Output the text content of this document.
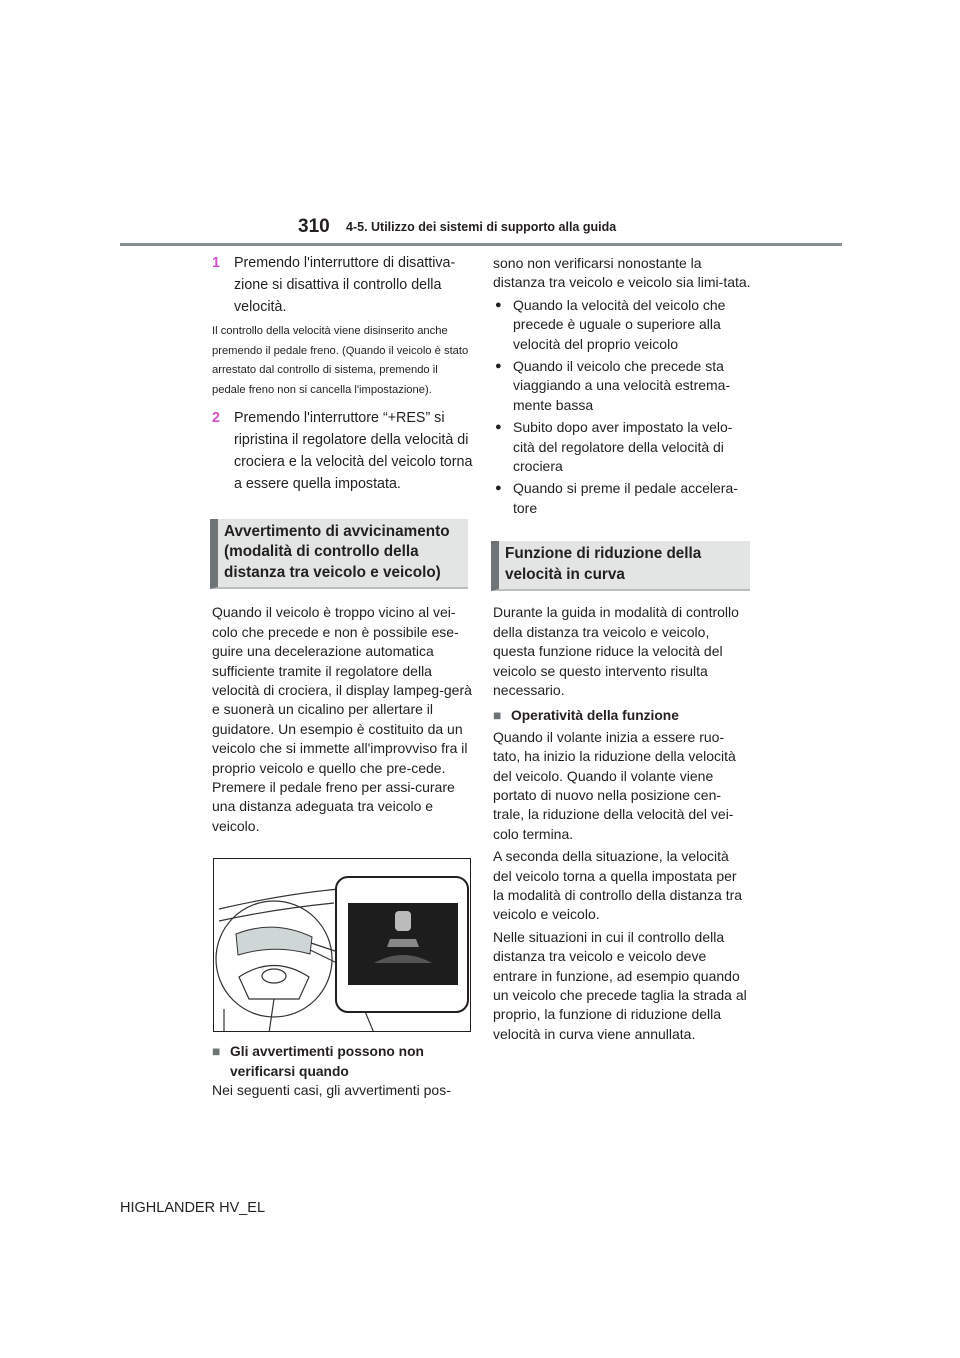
310 4-5. Utilizzo dei sistemi di supporto alla guida
1 Premendo l'interruttore di disattiva-zione si disattiva il controllo della velocità.
Il controllo della velocità viene disinserito anche premendo il pedale freno. (Quando il veicolo è stato arrestato dal controllo di sistema, premendo il pedale freno non si cancella l'impostazione).
2 Premendo l'interruttore “+RES” si ripristina il regolatore della velocità di crociera e la velocità del veicolo torna a essere quella impostata.
Avvertimento di avvicinamento (modalità di controllo della distanza tra veicolo e veicolo)
Quando il veicolo è troppo vicino al vei-colo che precede e non è possibile ese-guire una decelerazione automatica sufficiente tramite il regolatore della velocità di crociera, il display lampeg-gerà e suonerà un cicalino per allertare il guidatore. Un esempio è costituito da un veicolo che si immette all'improvviso fra il proprio veicolo e quello che pre-cede. Premere il pedale freno per assi-curare una distanza adeguata tra veicolo e veicolo.
■ Gli avvertimenti possono non verificarsi quando
Nei seguenti casi, gli avvertimenti pos-
sono non verificarsi nonostante la distanza tra veicolo e veicolo sia limi-tata.
● Quando la velocità del veicolo che precede è uguale o superiore alla velocità del proprio veicolo
● Quando il veicolo che precede sta viaggiando a una velocità estrema-mente bassa
● Subito dopo aver impostato la velo-cità del regolatore della velocità di crociera
● Quando si preme il pedale accelera-tore
Funzione di riduzione della velocità in curva
Durante la guida in modalità di controllo della distanza tra veicolo e veicolo, questa funzione riduce la velocità del veicolo se questo intervento risulta necessario.
■ Operatività della funzione
Quando il volante inizia a essere ruo-tato, ha inizio la riduzione della velocità del veicolo. Quando il volante viene portato di nuovo nella posizione cen-trale, la riduzione della velocità del vei-colo termina.
A seconda della situazione, la velocità del veicolo torna a quella impostata per la modalità di controllo della distanza tra veicolo e veicolo.
Nelle situazioni in cui il controllo della distanza tra veicolo e veicolo deve entrare in funzione, ad esempio quando un veicolo che precede taglia la strada al proprio, la funzione di riduzione della velocità in curva viene annullata.
HIGHLANDER HV_EL
